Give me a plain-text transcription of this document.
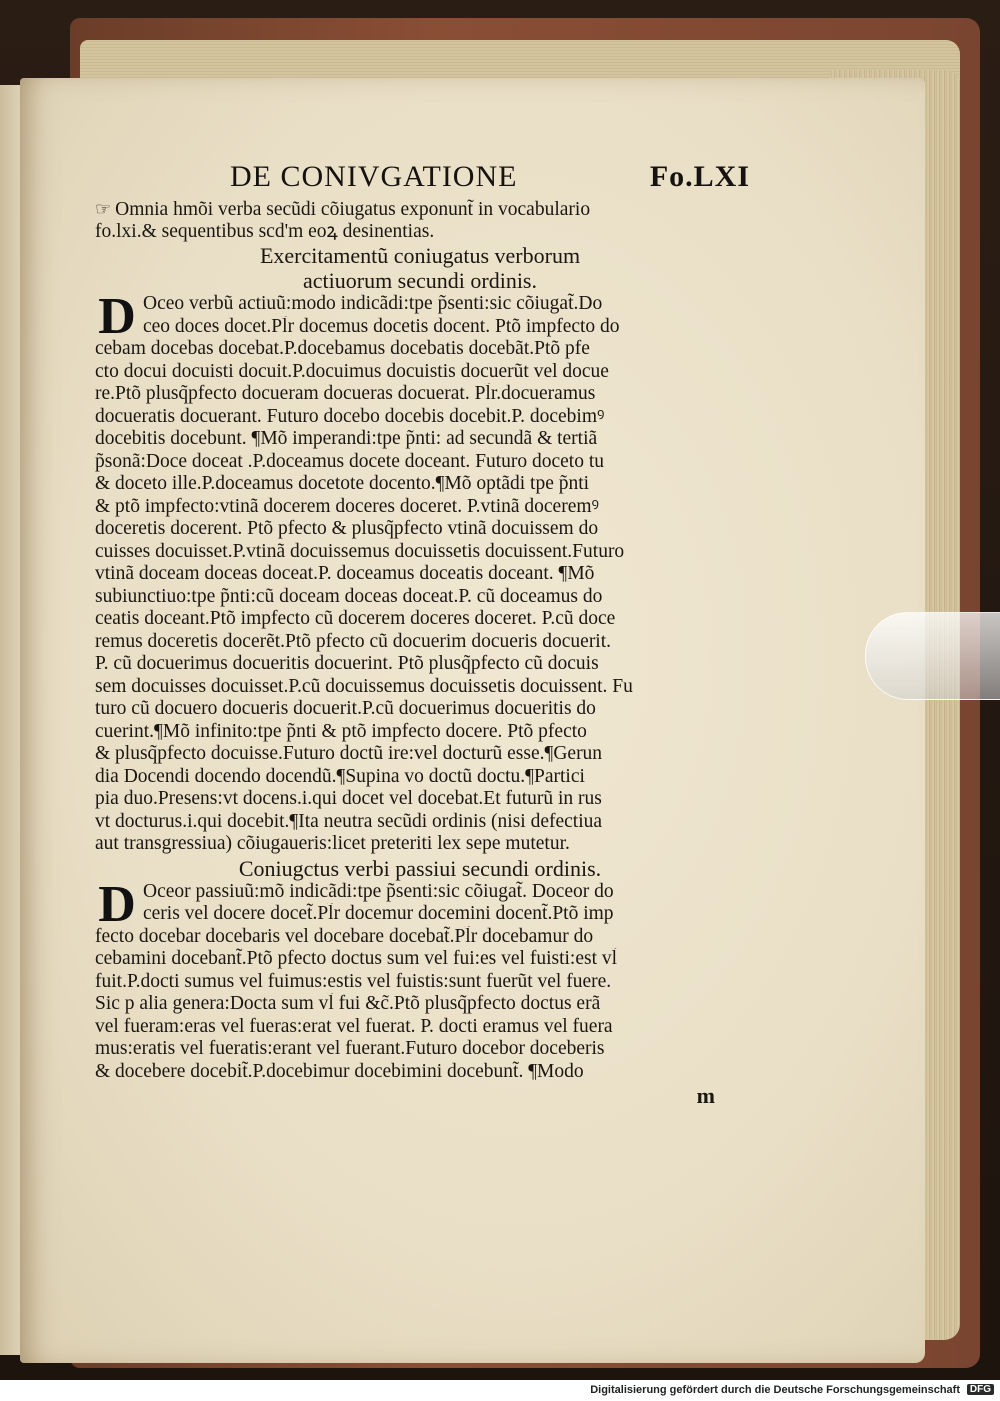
DE CONIVGATIONE	Fo.LXI
☞ Omnia hmõi verba secũdi cõiugatus exponunt̃ in vocabulario
fo.lxi.& sequentibus scd'm eoꝝ desinentias.
Exercitamentũ coniugatus verborum
actiuorum secundi ordinis.
D Oceo verbũ actiuũ:modo indicãdi:tpe p̃senti:sic cõiugat̃.Do
ceo doces docet.Pl̃r docemus docetis docent. Ptõ impfecto do
cebam docebas docebat.P.docebamus docebatis docebãt.Ptõ pfe
cto docui docuisti docuit.P.docuimus docuistis docuerũt vel docue
re.Ptõ plusq̃pfecto docueram docueras docuerat. Pl̃r.docueramus
docueratis docuerant. Futuro docebo docebis docebit.P. docebimꝰ
docebitis docebunt. ¶Mõ imperandi:tpe p̃nti: ad secundã & tertiã
p̃sonã:Doce doceat .P.doceamus docete doceant. Futuro doceto tu
& doceto ille.P.doceamus docetote docento.¶Mõ optãdi tpe p̃nti
& ptõ impfecto:vtinã docerem doceres doceret. P.vtinã doceremꝰ
doceretis docerent. Ptõ pfecto & plusq̃pfecto vtinã docuissem do
cuisses docuisset.P.vtinã docuissemus docuissetis docuissent.Futuro
vtinã doceam doceas doceat.P. doceamus doceatis doceant. ¶Mõ
subiunctiuo:tpe p̃nti:cũ doceam doceas doceat.P. cũ doceamus do
ceatis doceant.Ptõ impfecto cũ docerem doceres doceret. P.cũ doce
remus doceretis docerẽt.Ptõ pfecto cũ docuerim docueris docuerit.
P. cũ docuerimus docueritis docuerint. Ptõ plusq̃pfecto cũ docuis
sem docuisses docuisset.P.cũ docuissemus docuissetis docuissent. Fu
turo cũ docuero docueris docuerit.P.cũ docuerimus docueritis do
cuerint.¶Mõ infinito:tpe p̃nti & ptõ impfecto docere. Ptõ pfecto
& plusq̃pfecto docuisse.Futuro doctũ ire:vel docturũ esse.¶Gerun
dia Docendi docendo docendũ.¶Supina vo doctũ doctu.¶Partici
pia duo.Presens:vt docens.i.qui docet vel docebat.Et futurũ in rus
vt docturus.i.qui docebit.¶Ita neutra secũdi ordinis (nisi defectiua
aut transgressiua) cõiugaueris:licet preteriti lex sepe mutetur.
Coniugctus verbi passiui secundi ordinis.
D Oceor passiuũ:mõ indicãdi:tpe p̃senti:sic cõiugat̃. Doceor do
ceris vel docere docet̃.Pl̃r docemur docemini docent̃.Ptõ imp
fecto docebar docebaris vel docebare docebat̃.Pl̃r docebamur do
cebamini docebant̃.Ptõ pfecto doctus sum vel fui:es vel fuisti:est vl̃
fuit.P.docti sumus vel fuimus:estis vel fuistis:sunt fuerũt vel fuere.
Sic p alia genera:Docta sum vl̃ fui &c̃.Ptõ plusq̃pfecto doctus erã
vel fueram:eras vel fueras:erat vel fuerat. P. docti eramus vel fuera
mus:eratis vel fueratis:erant vel fuerant.Futuro docebor doceberis
& docebere docebit̃.P.docebimur docebimini docebunt̃. ¶Modo
m
Digitalisierung gefördert durch die Deutsche Forschungsgemeinschaft DFG
